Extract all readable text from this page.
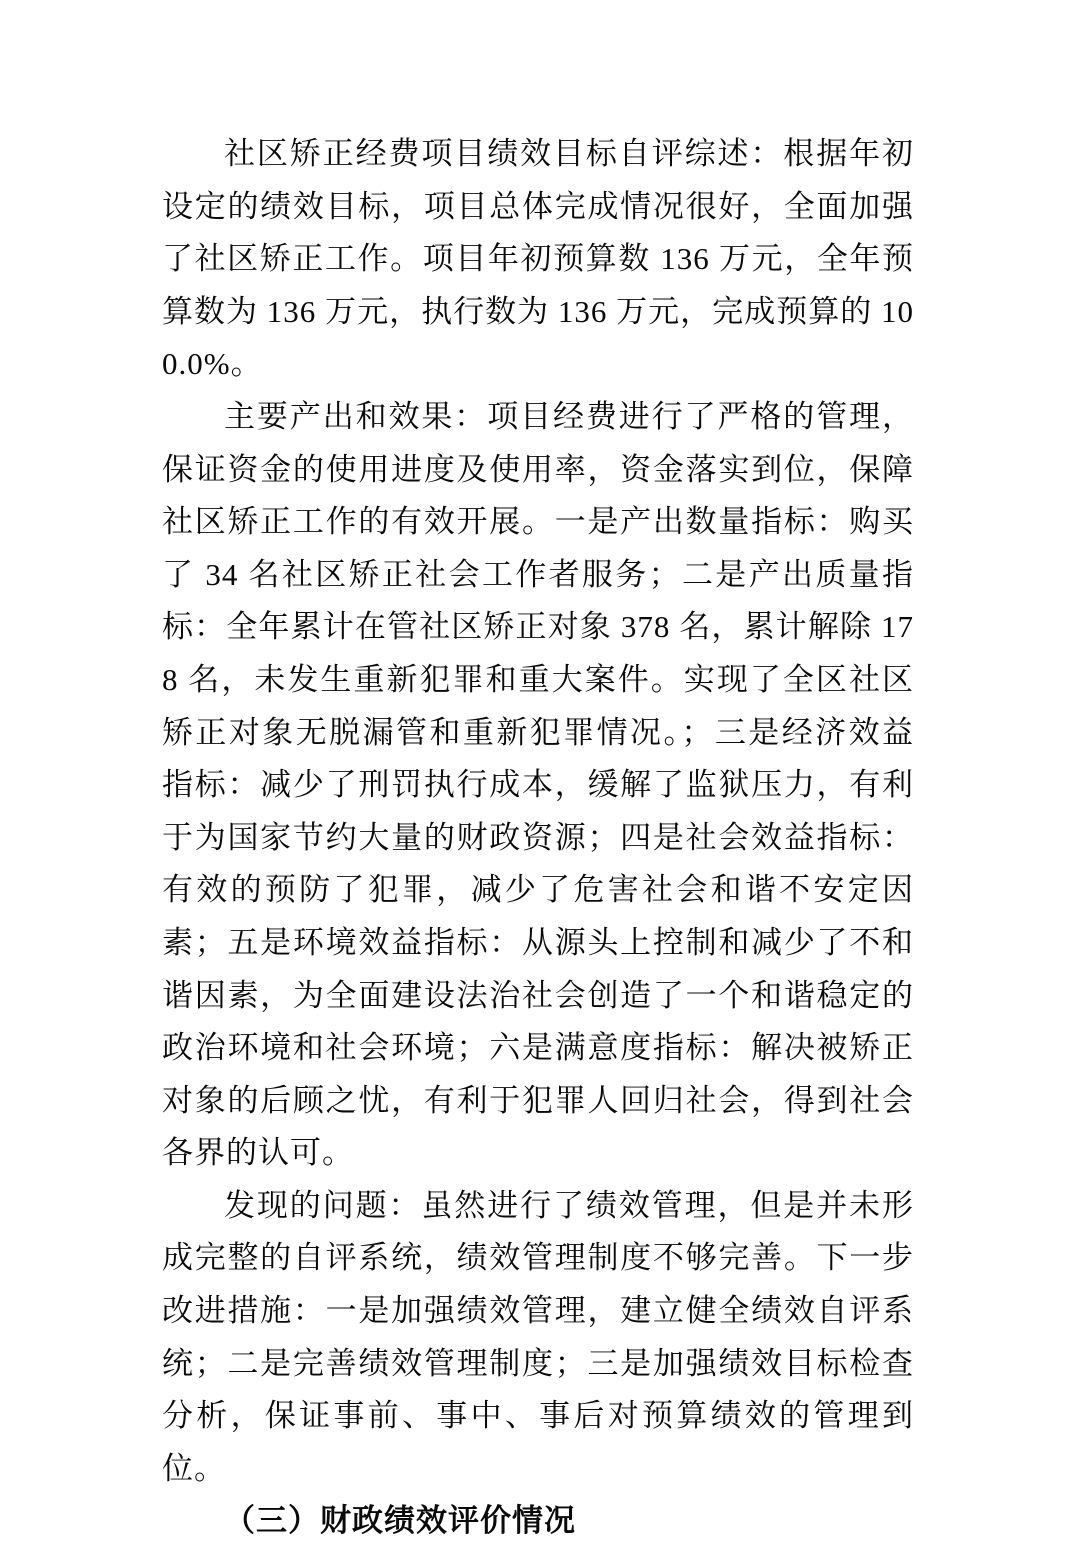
社区矫正经费项目绩效目标自评综述：根据年初设定的绩效目标，项目总体完成情况很好，全面加强了社区矫正工作。项目年初预算数 136 万元，全年预算数为 136 万元，执行数为 136 万元，完成预算的 100.0%。

主要产出和效果：项目经费进行了严格的管理，保证资金的使用进度及使用率，资金落实到位，保障社区矫正工作的有效开展。一是产出数量指标：购买了 34 名社区矫正社会工作者服务；二是产出质量指标：全年累计在管社区矫正对象 378 名，累计解除 178 名，未发生重新犯罪和重大案件。实现了全区社区矫正对象无脱漏管和重新犯罪情况。；三是经济效益指标：减少了刑罚执行成本，缓解了监狱压力，有利于为国家节约大量的财政资源；四是社会效益指标：有效的预防了犯罪，减少了危害社会和谐不安定因素；五是环境效益指标：从源头上控制和减少了不和谐因素，为全面建设法治社会创造了一个和谐稳定的政治环境和社会环境；六是满意度指标：解决被矫正对象的后顾之忧，有利于犯罪人回归社会，得到社会各界的认可。

发现的问题：虽然进行了绩效管理，但是并未形成完整的自评系统，绩效管理制度不够完善。下一步改进措施：一是加强绩效管理，建立健全绩效自评系统；二是完善绩效管理制度；三是加强绩效目标检查分析，保证事前、事中、事后对预算绩效的管理到位。

（三）财政绩效评价情况
